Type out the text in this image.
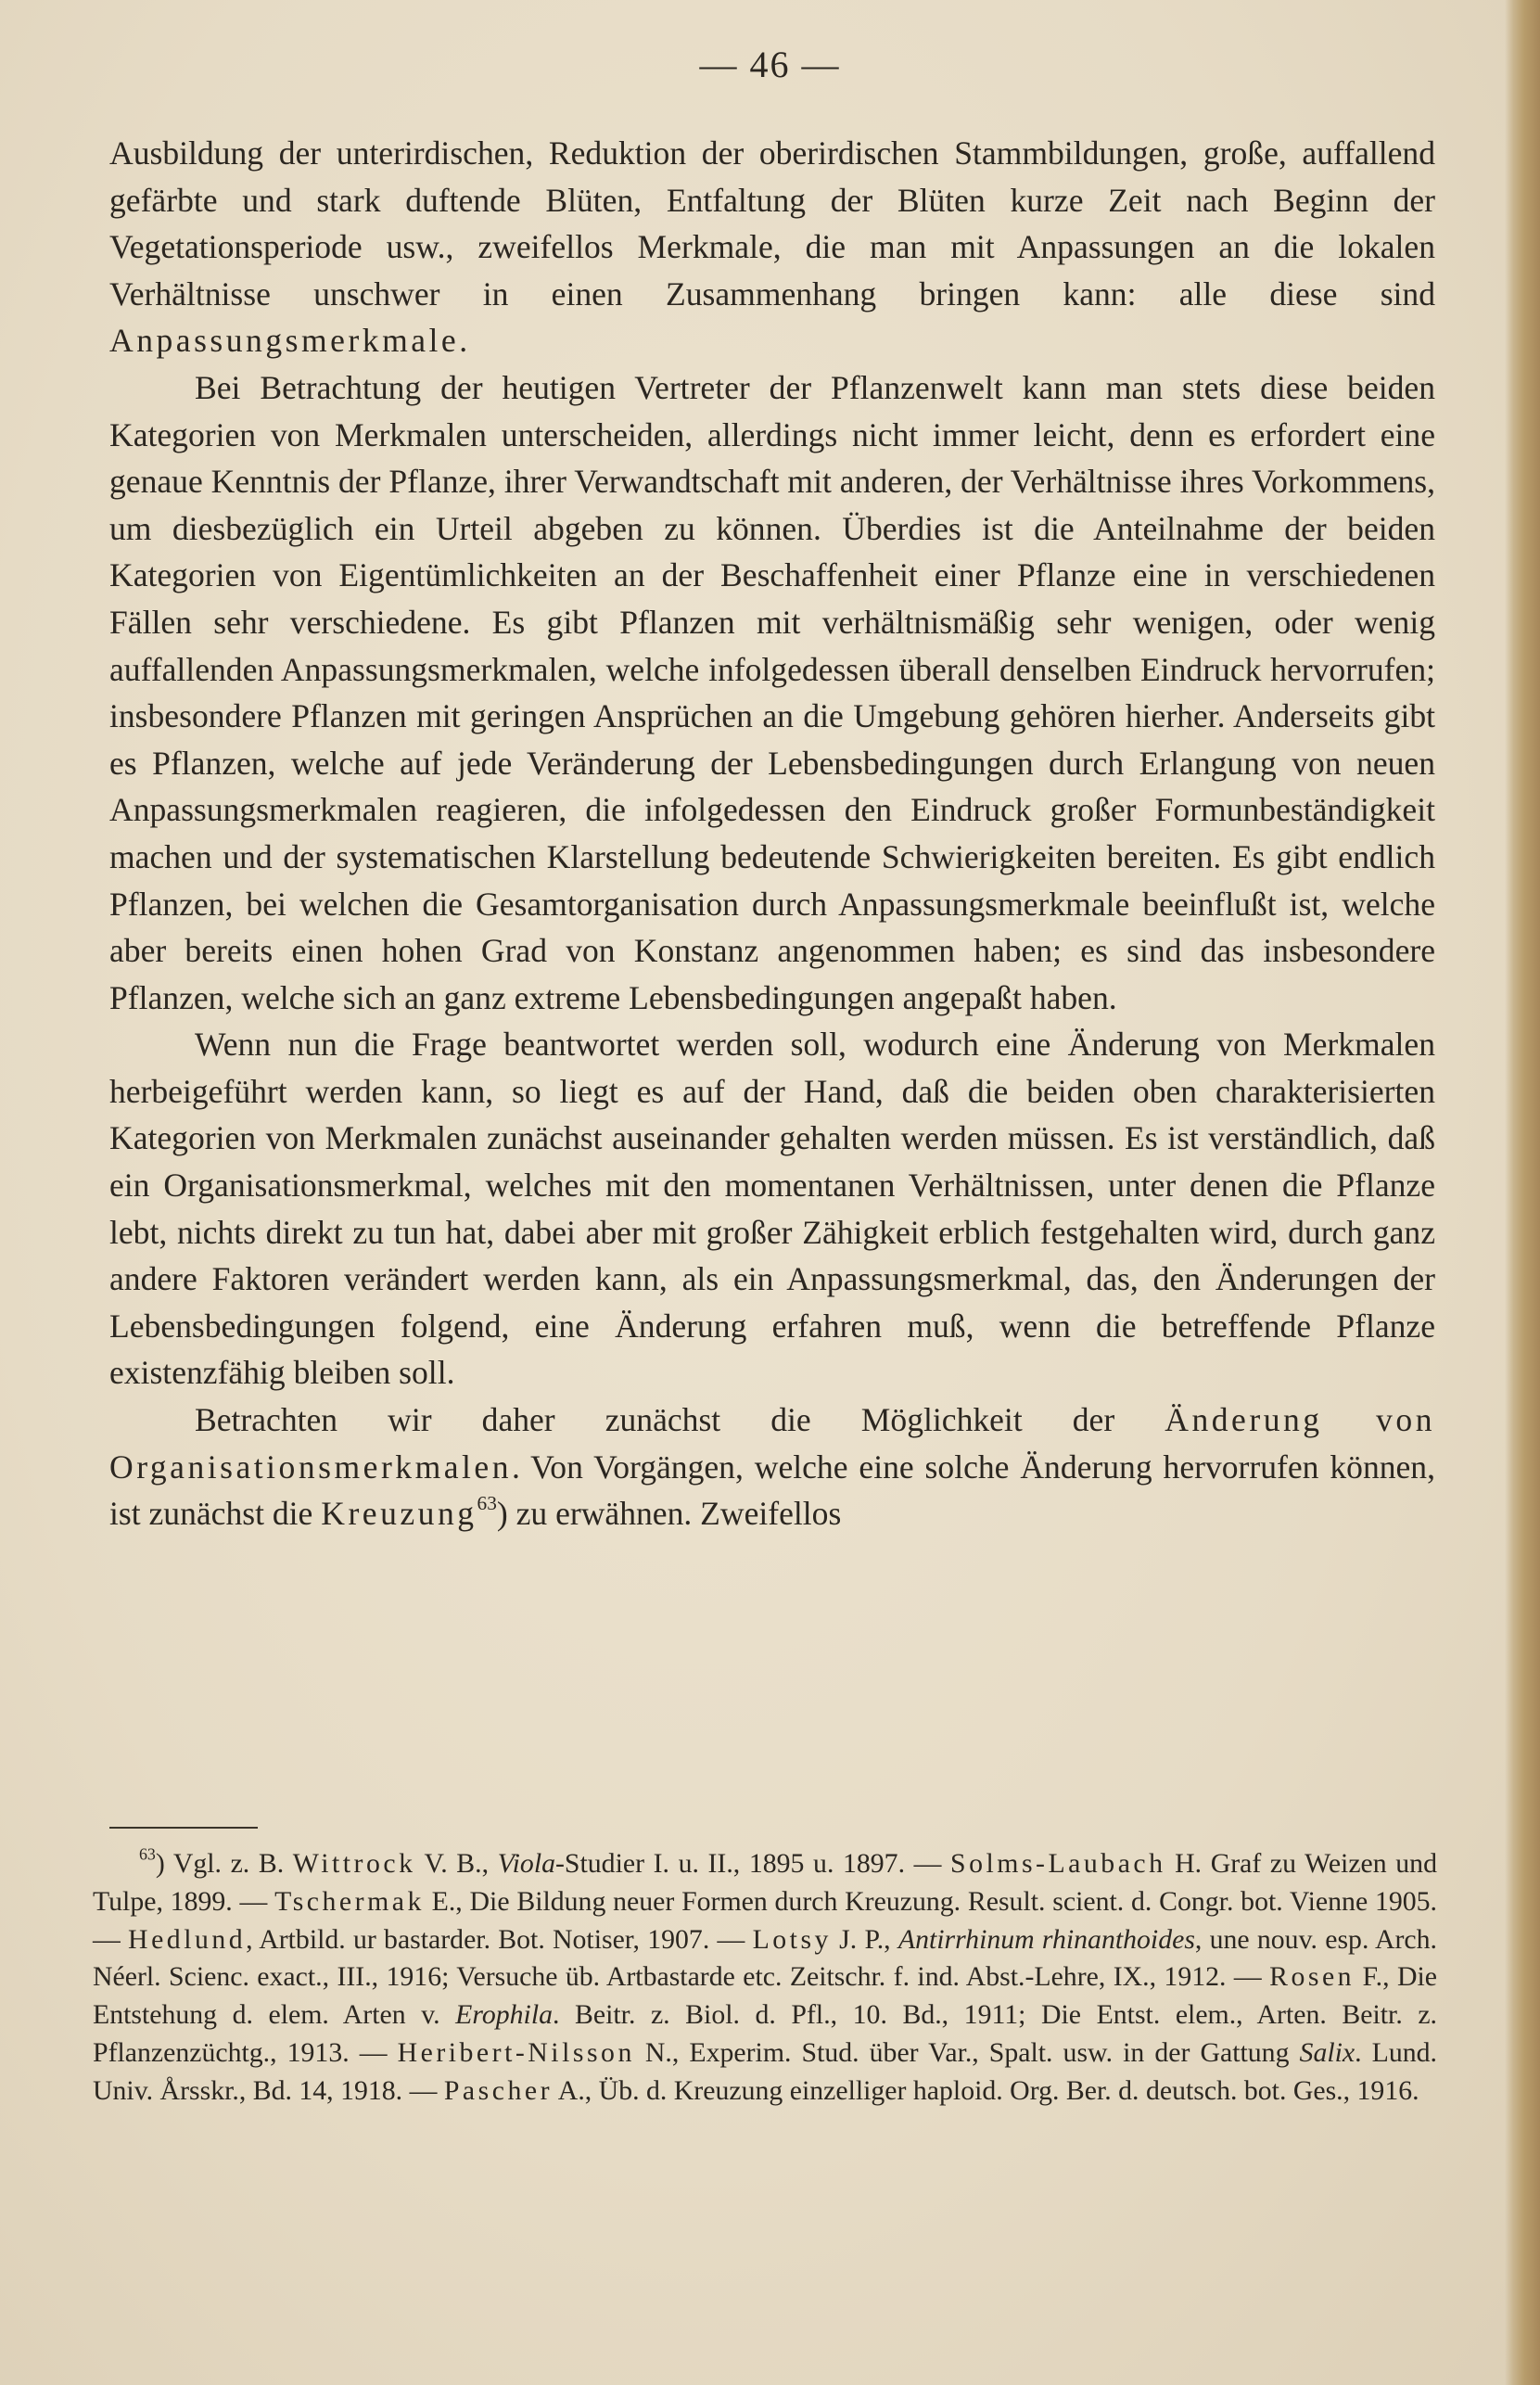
— 46 —

Ausbildung der unterirdischen, Reduktion der oberirdischen Stammbildungen, große, auffallend gefärbte und stark duftende Blüten, Entfaltung der Blüten kurze Zeit nach Beginn der Vegetationsperiode usw., zweifellos Merkmale, die man mit Anpassungen an die lokalen Verhältnisse unschwer in einen Zusammenhang bringen kann: alle diese sind Anpassungsmerkmale.

Bei Betrachtung der heutigen Vertreter der Pflanzenwelt kann man stets diese beiden Kategorien von Merkmalen unterscheiden, allerdings nicht immer leicht, denn es erfordert eine genaue Kenntnis der Pflanze, ihrer Verwandtschaft mit anderen, der Verhältnisse ihres Vorkommens, um diesbezüglich ein Urteil abgeben zu können. Überdies ist die Anteilnahme der beiden Kategorien von Eigentümlichkeiten an der Beschaffenheit einer Pflanze eine in verschiedenen Fällen sehr verschiedene. Es gibt Pflanzen mit verhältnismäßig sehr wenigen, oder wenig auffallenden Anpassungsmerkmalen, welche infolgedessen überall denselben Eindruck hervorrufen; insbesondere Pflanzen mit geringen Ansprüchen an die Umgebung gehören hierher. Anderseits gibt es Pflanzen, welche auf jede Veränderung der Lebensbedingungen durch Erlangung von neuen Anpassungsmerkmalen reagieren, die infolgedessen den Eindruck großer Formunbeständigkeit machen und der systematischen Klarstellung bedeutende Schwierigkeiten bereiten. Es gibt endlich Pflanzen, bei welchen die Gesamtorganisation durch Anpassungsmerkmale beeinflußt ist, welche aber bereits einen hohen Grad von Konstanz angenommen haben; es sind das insbesondere Pflanzen, welche sich an ganz extreme Lebensbedingungen angepaßt haben.

Wenn nun die Frage beantwortet werden soll, wodurch eine Änderung von Merkmalen herbeigeführt werden kann, so liegt es auf der Hand, daß die beiden oben charakterisierten Kategorien von Merkmalen zunächst auseinander gehalten werden müssen. Es ist verständlich, daß ein Organisationsmerkmal, welches mit den momentanen Verhältnissen, unter denen die Pflanze lebt, nichts direkt zu tun hat, dabei aber mit großer Zähigkeit erblich festgehalten wird, durch ganz andere Faktoren verändert werden kann, als ein Anpassungsmerkmal, das, den Änderungen der Lebensbedingungen folgend, eine Änderung erfahren muß, wenn die betreffende Pflanze existenzfähig bleiben soll.

Betrachten wir daher zunächst die Möglichkeit der Änderung von Organisationsmerkmalen. Von Vorgängen, welche eine solche Änderung hervorrufen können, ist zunächst die Kreuzung$^{63}$) zu erwähnen. Zweifellos

$^{63}$) Vgl. z. B. Wittrock V. B., Viola-Studier I. u. II., 1895 u. 1897. — Solms-Laubach H. Graf zu Weizen und Tulpe, 1899. — Tschermak E., Die Bildung neuer Formen durch Kreuzung. Result. scient. d. Congr. bot. Vienne 1905. — Hedlund, Artbild. ur bastarder. Bot. Notiser, 1907. — Lotsy J. P., Antirrhinum rhinanthoides, une nouv. esp. Arch. Néerl. Scienc. exact., III., 1916; Versuche üb. Artbastarde etc. Zeitschr. f. ind. Abst.-Lehre, IX., 1912. — Rosen F., Die Entstehung d. elem. Arten v. Erophila. Beitr. z. Biol. d. Pfl., 10. Bd., 1911; Die Entst. elem., Arten. Beitr. z. Pflanzenzüchtg., 1913. — Heribert-Nilsson N., Experim. Stud. über Var., Spalt. usw. in der Gattung Salix. Lund. Univ. Årsskr., Bd. 14, 1918. — Pascher A., Üb. d. Kreuzung einzelliger haploid. Org. Ber. d. deutsch. bot. Ges., 1916.
